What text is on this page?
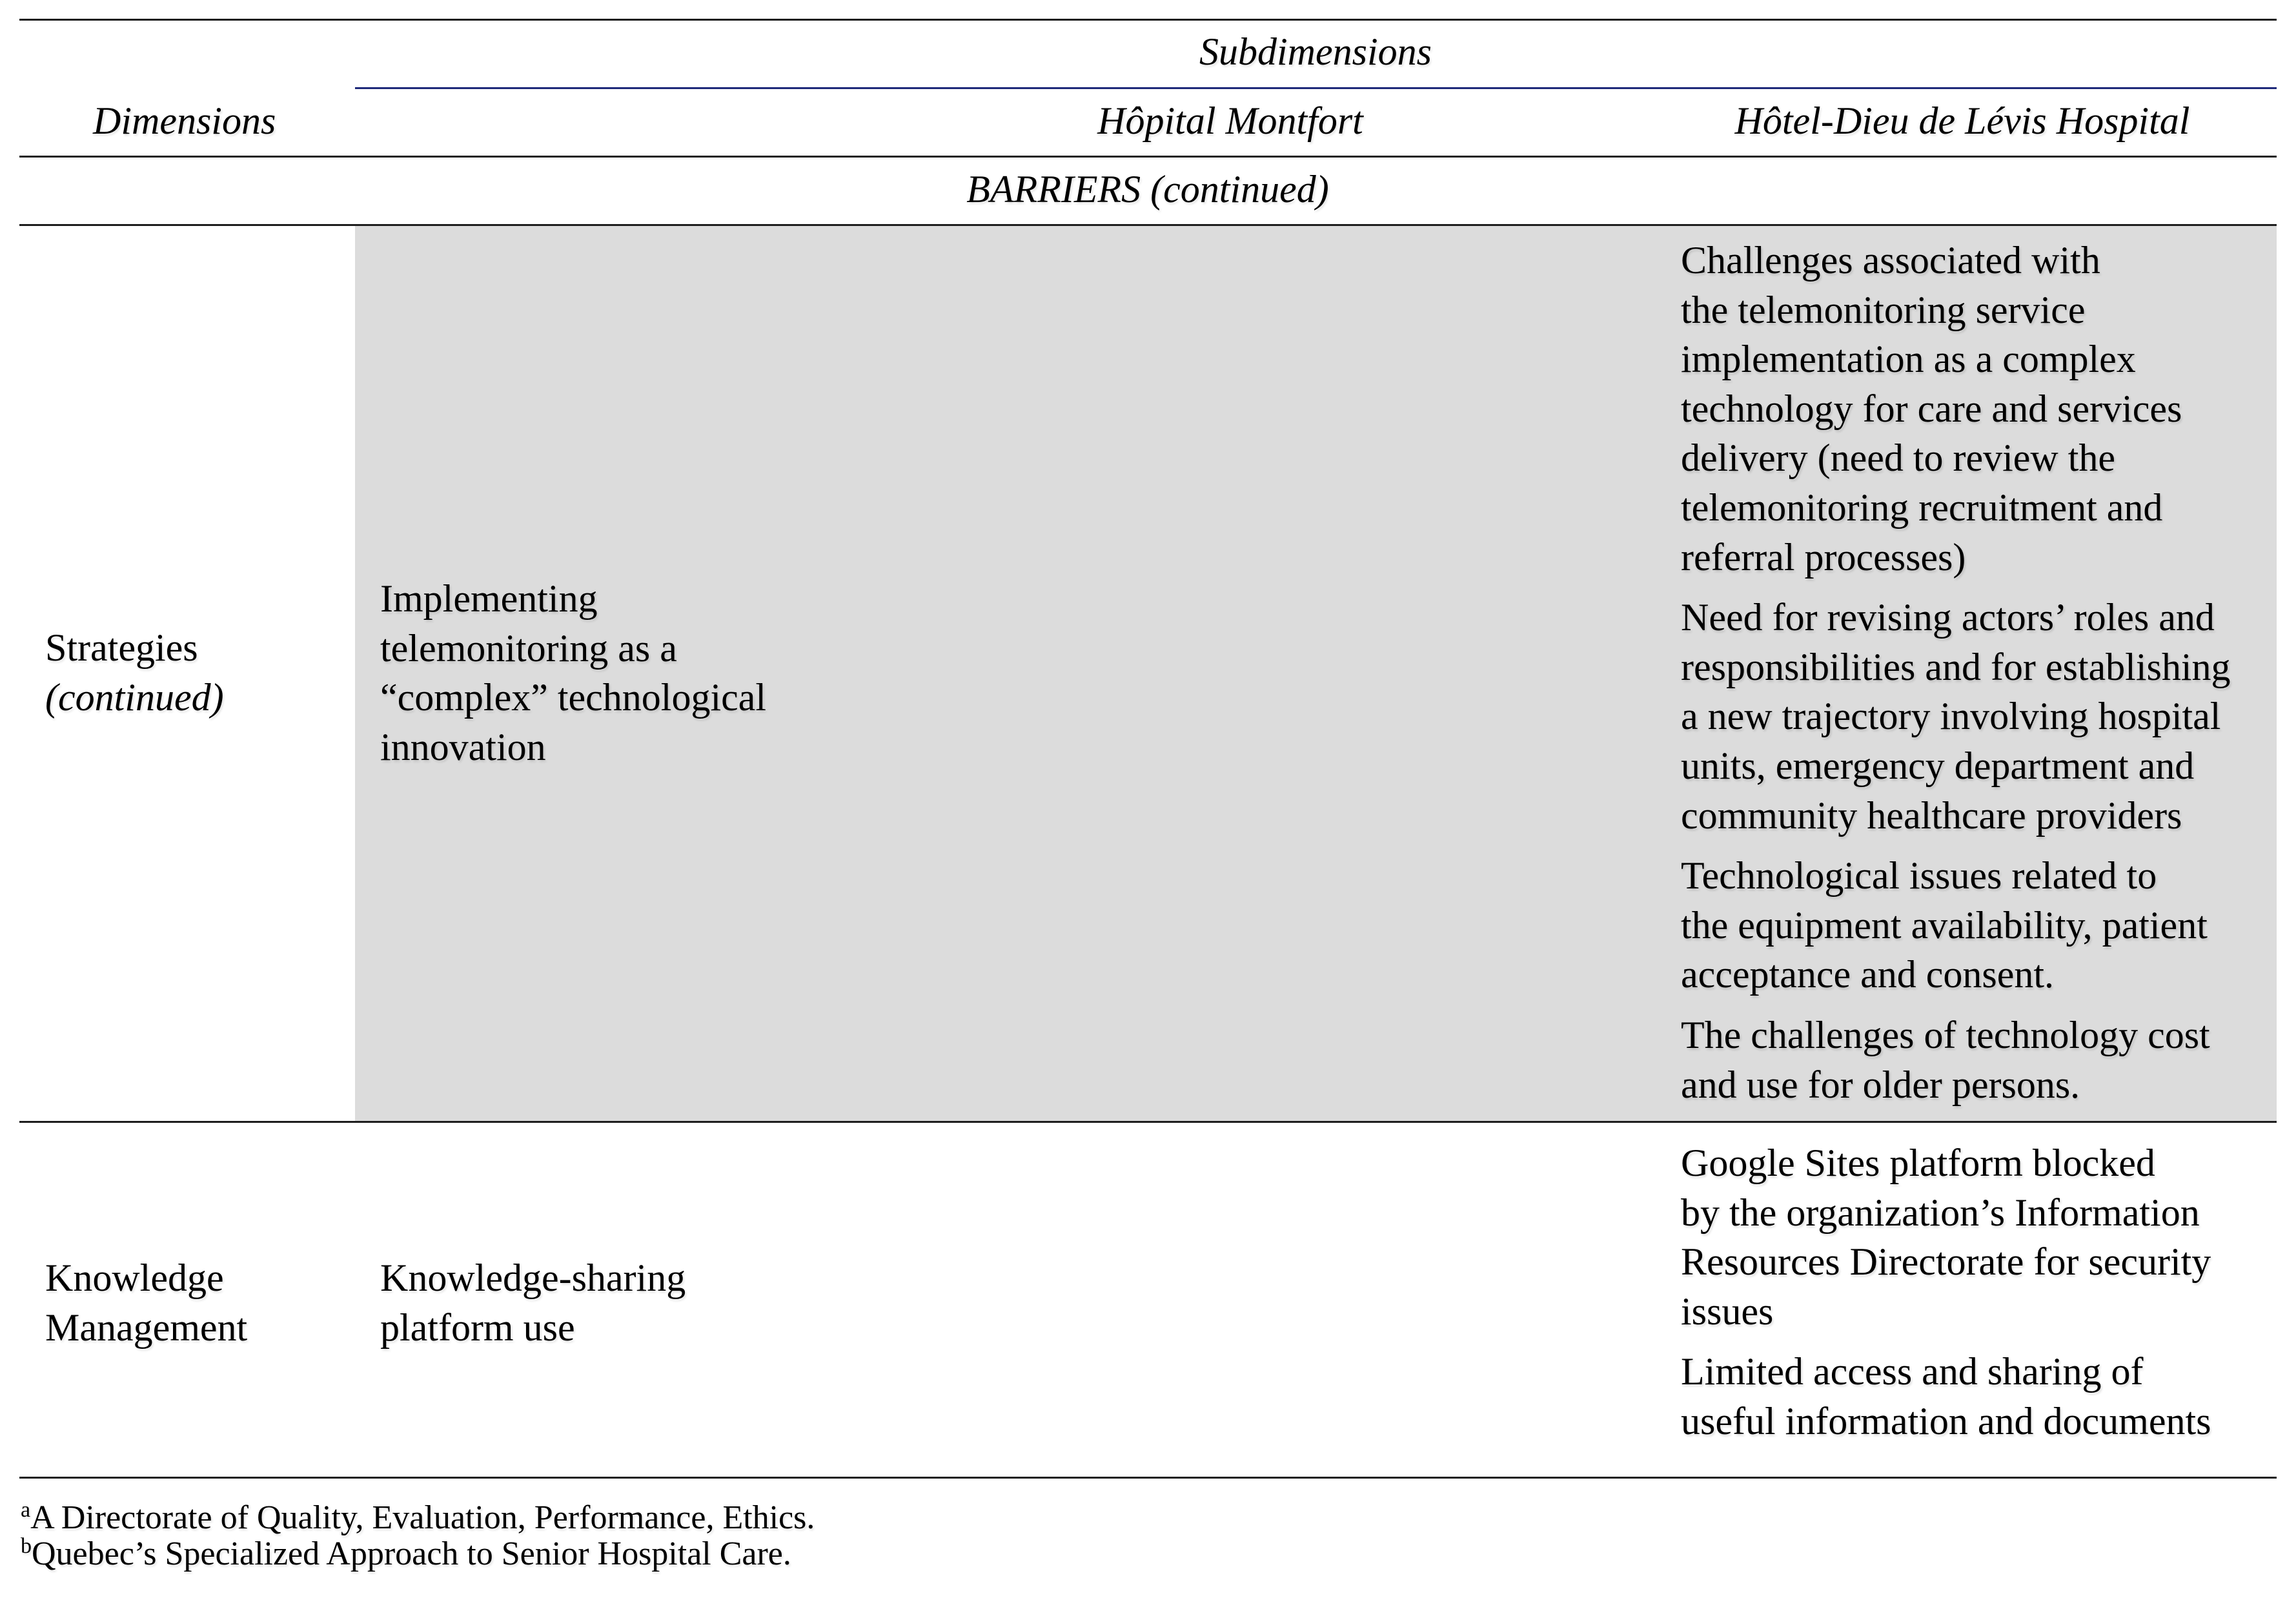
Subdimensions
Dimensions	Hôpital Montfort	Hôtel-Dieu de Lévis Hospital
BARRIERS (continued)
Strategies
(continued)
Implementing
telemonitoring as a
“complex” technological
innovation
Challenges associated with
the telemonitoring service
implementation as a complex
technology for care and services
delivery (need to review the
telemonitoring recruitment and
referral processes)
Need for revising actors’ roles and
responsibilities and for establishing
a new trajectory involving hospital
units, emergency department and
community healthcare providers
Technological issues related to
the equipment availability, patient
acceptance and consent.
The challenges of technology cost
and use for older persons.
Knowledge
Management
Knowledge-sharing
platform use
Google Sites platform blocked
by the organization’s Information
Resources Directorate for security
issues
Limited access and sharing of
useful information and documents
$^a$A Directorate of Quality, Evaluation, Performance, Ethics.
$^b$Quebec’s Specialized Approach to Senior Hospital Care.
